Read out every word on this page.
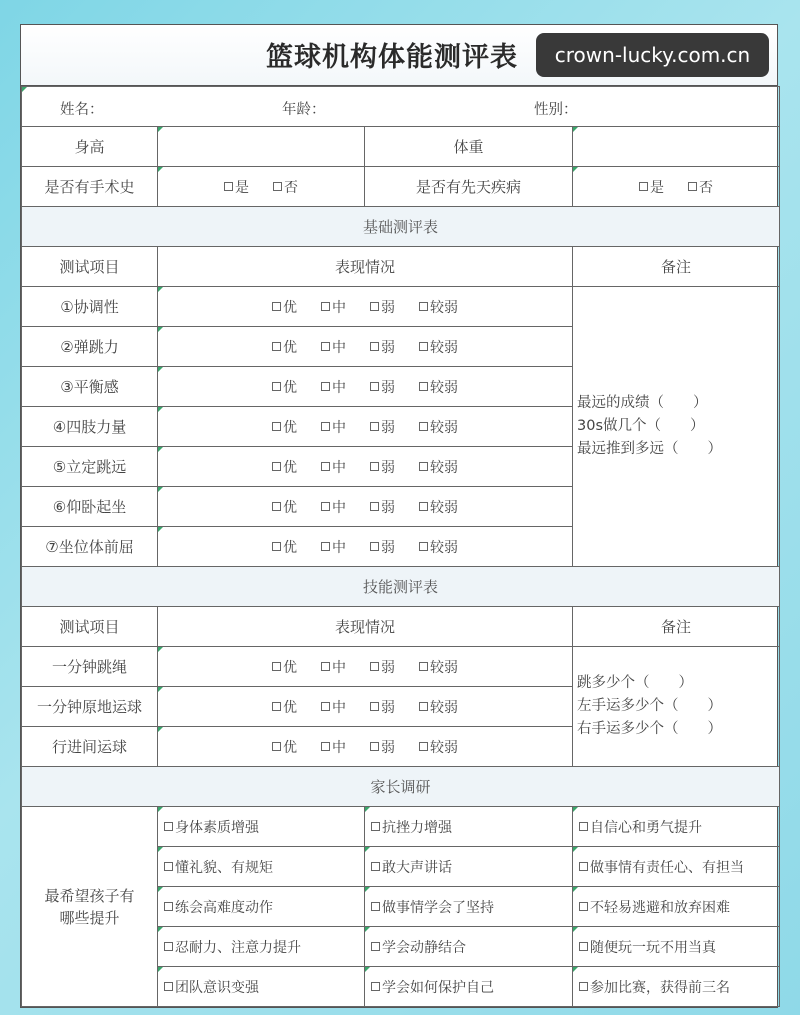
篮球机构体能测评表	crown-lucky.com.cn
姓名： 年龄： 性别：			

身高		体重	
是否有手术史	是 否	是否有先天疾病	是 否
基础测评表			
测试项目	表现情况		备注
①协调性	优 中 弱 较弱		最远的成绩（　　）
30s做几个（　　）
最远推到多远（　　）

②弹跳力	优 中 弱 较弱		
③平衡感	优 中 弱 较弱		
④四肢力量	优 中 弱 较弱		
⑤立定跳远	优 中 弱 较弱		
⑥仰卧起坐	优 中 弱 较弱		
⑦坐位体前屈	优 中 弱 较弱		
技能测评表			
测试项目	表现情况		备注
一分钟跳绳	优 中 弱 较弱		跳多少个（　　）
左手运多少个（　　）
右手运多少个（　　）

一分钟原地运球	优 中 弱 较弱		
行进间运球	优 中 弱 较弱		
家长调研			
最希望孩子有哪些提升	身体素质增强	抗挫力增强	自信心和勇气提升
	懂礼貌、有规矩	敢大声讲话	做事情有责任心、有担当
	练会高难度动作	做事情学会了坚持	不轻易逃避和放弃困难
	忍耐力、注意力提升	学会动静结合	随便玩一玩不用当真
	团队意识变强	学会如何保护自己	参加比赛，获得前三名
